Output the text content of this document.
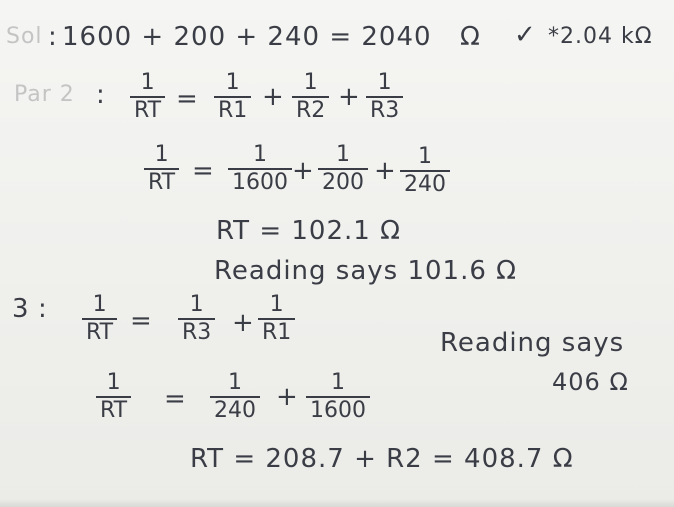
Sol : 1600 + 200 + 240 = 2040 Ω ✓ *2.04 kΩ
Par 2 : 1
RT =
1
R1 + 1
R2 + 1
R3
1
RT =
1
1600 +
1
200 + 1
240
RT = 102.1 Ω
Reading says 101.6 Ω
3 : 1
RT =
1
R3 +
1
R1	Reading says
406 Ω
1
RT =
1
240 + 1
1600
RT = 208.7 + R2 = 408.7 Ω
